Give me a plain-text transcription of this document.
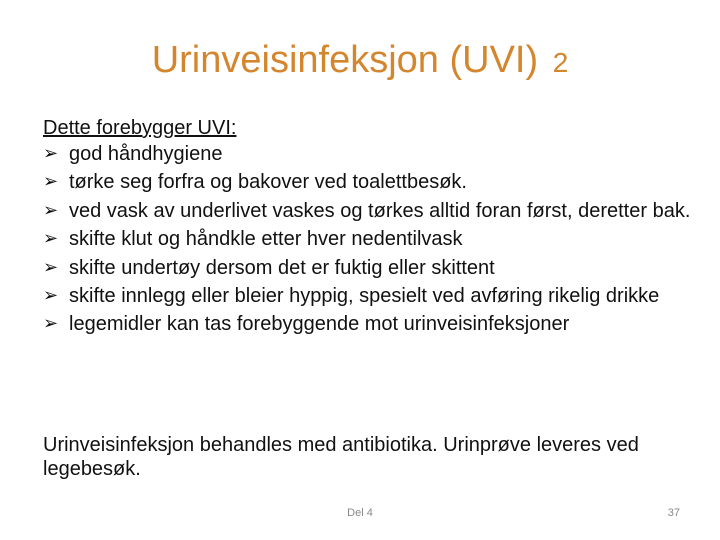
Urinveisinfeksjon (UVI) 2
Dette forebygger UVI:
➢ god håndhygiene
➢ tørke seg forfra og bakover ved toalettbesøk.
➢ ved vask av underlivet vaskes og tørkes alltid foran først, deretter bak.
➢ skifte klut og håndkle etter hver nedentilvask
➢ skifte undertøy dersom det er fuktig eller skittent
➢ skifte innlegg eller bleier hyppig, spesielt ved avføring rikelig drikke
➢ legemidler kan tas forebyggende mot urinveisinfeksjoner
Urinveisinfeksjon behandles med antibiotika. Urinprøve leveres ved legebesøk.
Del 4	37
